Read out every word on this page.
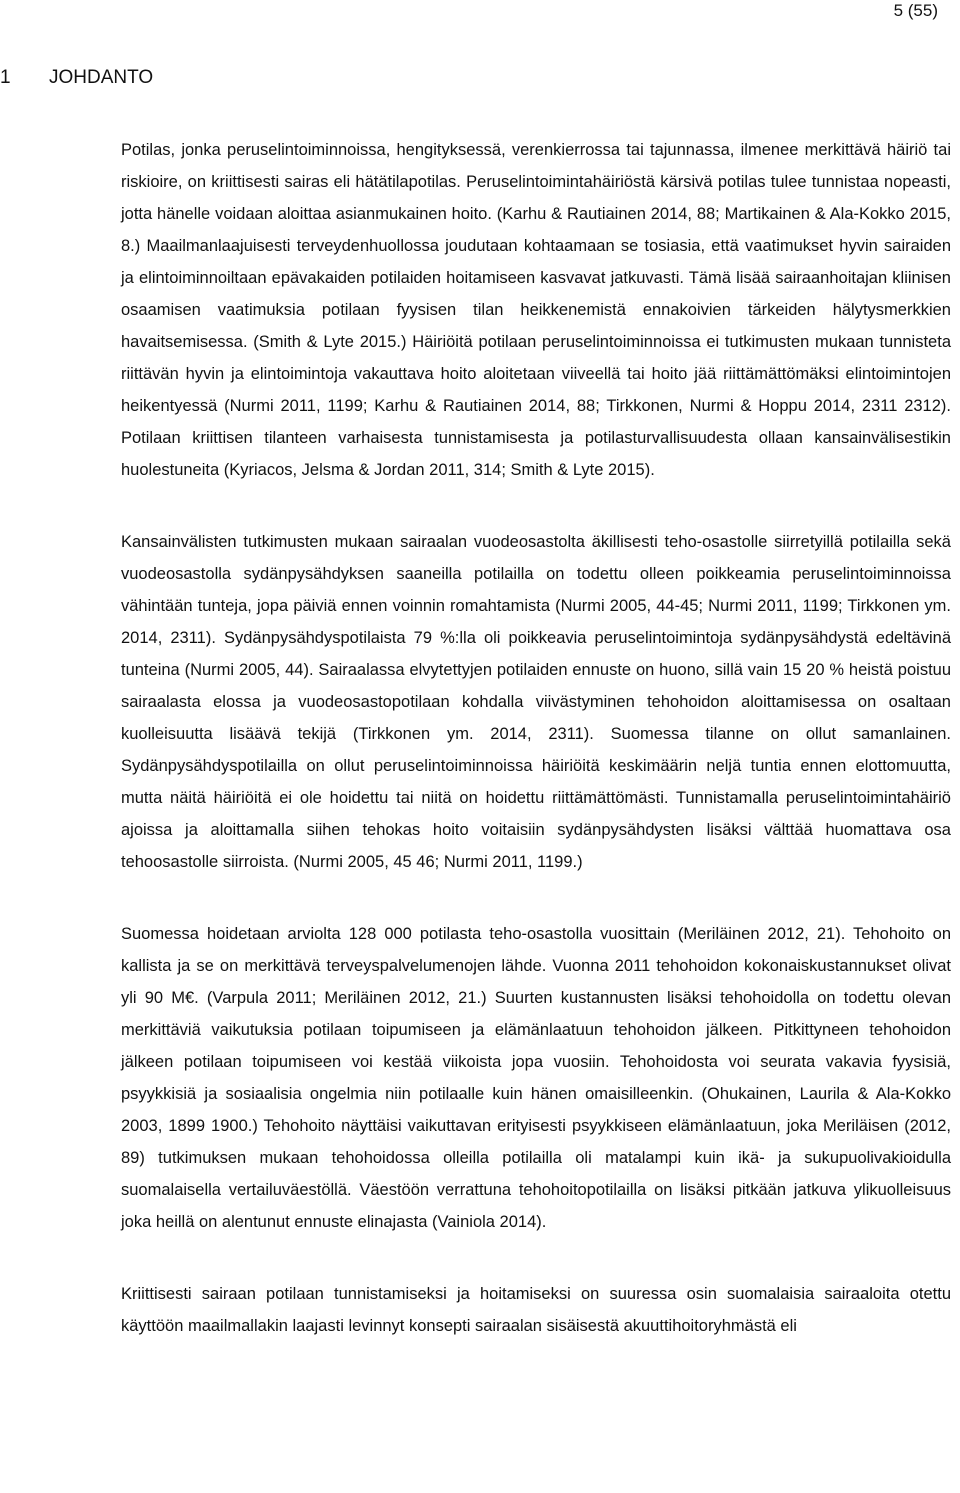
5 (55)
1 JOHDANTO

Potilas, jonka peruselintoiminnoissa, hengityksessä, verenkierrossa tai tajunnassa, ilmenee merkittävä häiriö tai riskioire, on kriittisesti sairas eli hätätilapotilas. Peruselintoimintahäiriöstä kärsivä potilas tulee tunnistaa nopeasti, jotta hänelle voidaan aloittaa asianmukainen hoito. (Karhu & Rautiainen 2014, 88; Martikainen & Ala-Kokko 2015, 8.) Maailmanlaajuisesti terveydenhuollossa joudutaan kohtaamaan se tosiasia, että vaatimukset hyvin sairaiden ja elintoiminnoiltaan epävakaiden potilaiden hoitamiseen kasvavat jatkuvasti. Tämä lisää sairaanhoitajan kliinisen osaamisen vaatimuksia potilaan fyysisen tilan heikkenemistä ennakoivien tärkeiden hälytysmerkkien havaitsemisessa. (Smith & Lyte 2015.) Häiriöitä potilaan peruselintoiminnoissa ei tutkimusten mukaan tunnisteta riittävän hyvin ja elintoimintoja vakauttava hoito aloitetaan viiveellä tai hoito jää riittämättömäksi elintoimintojen heikentyessä (Nurmi 2011, 1199; Karhu & Rautiainen 2014, 88; Tirkkonen, Nurmi & Hoppu 2014, 2311 2312). Potilaan kriittisen tilanteen varhaisesta tunnistamisesta ja potilasturvallisuudesta ollaan kansainvälisestikin huolestuneita (Kyriacos, Jelsma & Jordan 2011, 314; Smith & Lyte 2015).

Kansainvälisten tutkimusten mukaan sairaalan vuodeosastolta äkillisesti teho-osastolle siirretyillä potilailla sekä vuodeosastolla sydänpysähdyksen saaneilla potilailla on todettu olleen poikkeamia peruselintoiminnoissa vähintään tunteja, jopa päiviä ennen voinnin romahtamista (Nurmi 2005, 44-45; Nurmi 2011, 1199; Tirkkonen ym. 2014, 2311). Sydänpysähdyspotilaista 79 %:lla oli poikkeavia peruselintoimintoja sydänpysähdystä edeltävinä tunteina (Nurmi 2005, 44). Sairaalassa elvytettyjen potilaiden ennuste on huono, sillä vain 15 20 % heistä poistuu sairaalasta elossa ja vuodeosastopotilaan kohdalla viivästyminen tehohoidon aloittamisessa on osaltaan kuolleisuutta lisäävä tekijä (Tirkkonen ym. 2014, 2311). Suomessa tilanne on ollut samanlainen. Sydänpysähdyspotilailla on ollut peruselintoiminnoissa häiriöitä keskimäärin neljä tuntia ennen elottomuutta, mutta näitä häiriöitä ei ole hoidettu tai niitä on hoidettu riittämättömästi. Tunnistamalla peruselintoimintahäiriö ajoissa ja aloittamalla siihen tehokas hoito voitaisiin sydänpysähdysten lisäksi välttää huomattava osa tehoosastolle siirroista. (Nurmi 2005, 45 46; Nurmi 2011, 1199.)

Suomessa hoidetaan arviolta 128 000 potilasta teho-osastolla vuosittain (Meriläinen 2012, 21). Tehohoito on kallista ja se on merkittävä terveyspalvelumenojen lähde. Vuonna 2011 tehohoidon kokonaiskustannukset olivat yli 90 M€. (Varpula 2011; Meriläinen 2012, 21.) Suurten kustannusten lisäksi tehohoidolla on todettu olevan merkittäviä vaikutuksia potilaan toipumiseen ja elämänlaatuun tehohoidon jälkeen. Pitkittyneen tehohoidon jälkeen potilaan toipumiseen voi kestää viikoista jopa vuosiin. Tehohoidosta voi seurata vakavia fyysisiä, psyykkisiä ja sosiaalisia ongelmia niin potilaalle kuin hänen omaisilleenkin. (Ohukainen, Laurila & Ala-Kokko 2003, 1899 1900.) Tehohoito näyttäisi vaikuttavan erityisesti psyykkiseen elämänlaatuun, joka Meriläisen (2012, 89) tutkimuksen mukaan tehohoidossa olleilla potilailla oli matalampi kuin ikä- ja sukupuolivakioidulla suomalaisella vertailuväestöllä. Väestöön verrattuna tehohoitopotilailla on lisäksi pitkään jatkuva ylikuolleisuus joka heillä on alentunut ennuste elinajasta (Vainiola 2014).

Kriittisesti sairaan potilaan tunnistamiseksi ja hoitamiseksi on suuressa osin suomalaisia sairaaloita otettu käyttöön maailmallakin laajasti levinnyt konsepti sairaalan sisäisestä akuuttihoitoryhmästä eli
